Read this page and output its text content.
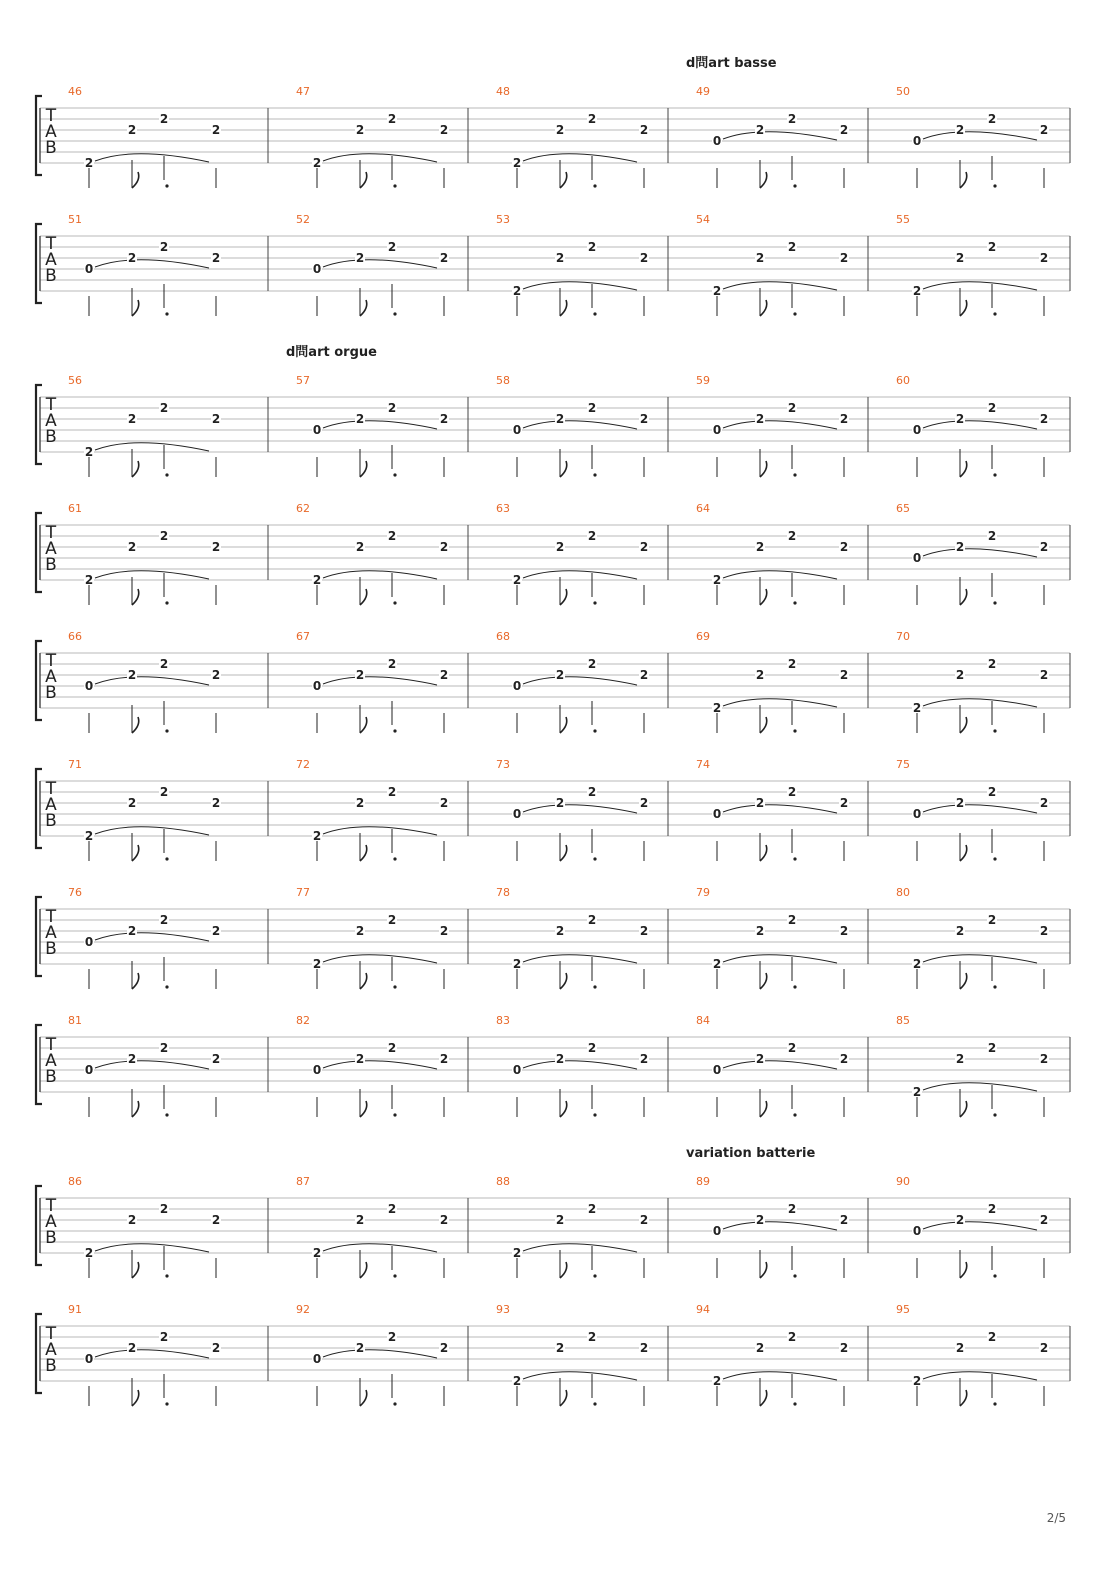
d問art basse
T
A
B
46
2
2
2
2
47
2
2
2
2
48
2
2
2
2
49
0
2
2
2
50
0
2
2
2
T
A
B
51
0
2
2
2
52
0
2
2
2
53
2
2
2
2
54
2
2
2
2
55
2
2
2
2
d問art orgue
T
A
B
56
2
2
2
2
57
0
2
2
2
58
0
2
2
2
59
0
2
2
2
60
0
2
2
2
T
A
B
61
2
2
2
2
62
2
2
2
2
63
2
2
2
2
64
2
2
2
2
65
0
2
2
2
T
A
B
66
0
2
2
2
67
0
2
2
2
68
0
2
2
2
69
2
2
2
2
70
2
2
2
2
T
A
B
71
2
2
2
2
72
2
2
2
2
73
0
2
2
2
74
0
2
2
2
75
0
2
2
2
T
A
B
76
0
2
2
2
77
2
2
2
2
78
2
2
2
2
79
2
2
2
2
80
2
2
2
2
T
A
B
81
0
2
2
2
82
0
2
2
2
83
0
2
2
2
84
0
2
2
2
85
2
2
2
2
variation batterie
T
A
B
86
2
2
2
2
87
2
2
2
2
88
2
2
2
2
89
0
2
2
2
90
0
2
2
2
T
A
B
91
0
2
2
2
92
0
2
2
2
93
2
2
2
2
94
2
2
2
2
95
2
2
2
2
2/5
